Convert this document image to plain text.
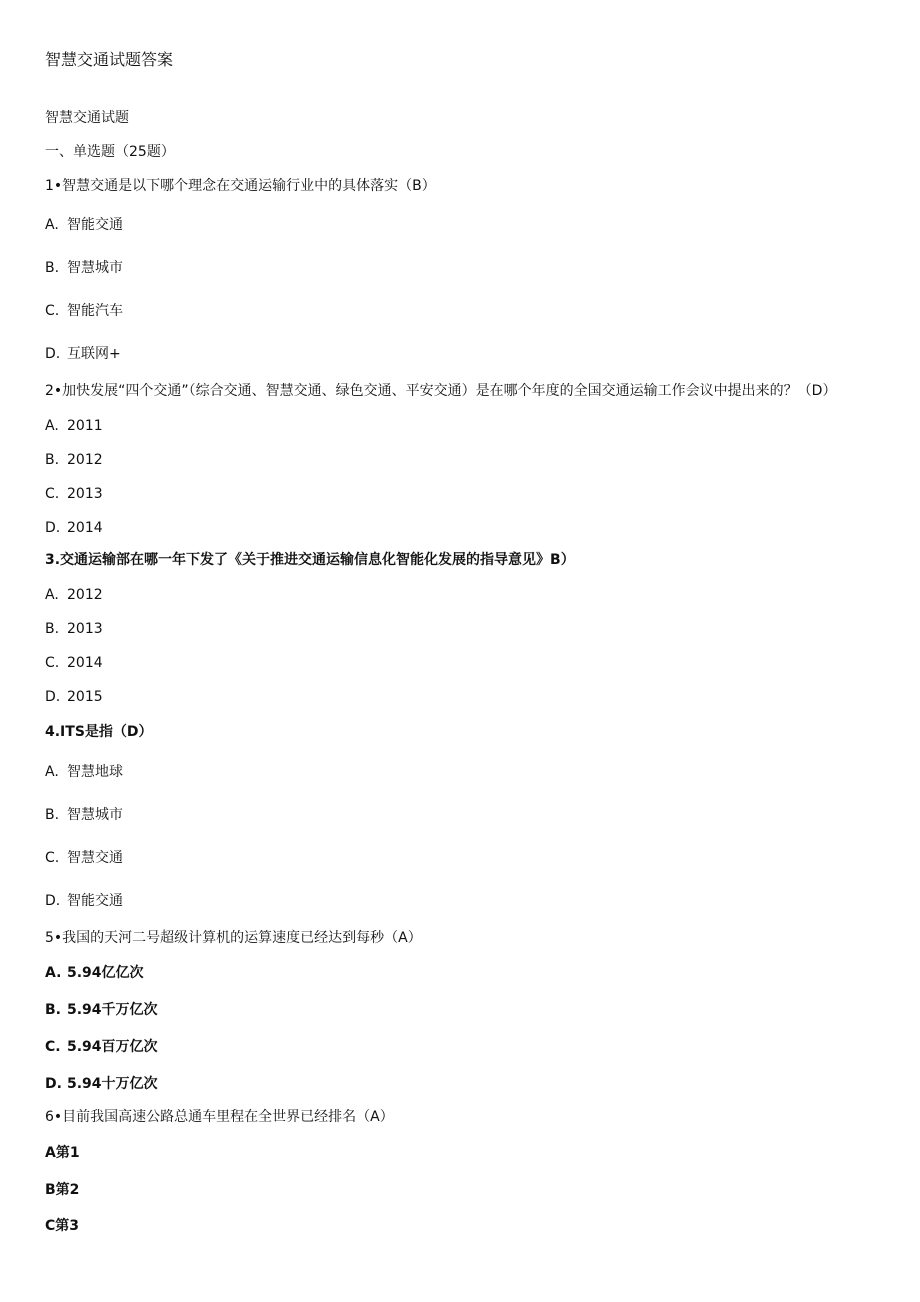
智慧交通试题答案
智慧交通试题
一、单选题（25题）
1•智慧交通是以下哪个理念在交通运输行业中的具体落实（B）
A. 智能交通
B. 智慧城市
C. 智能汽车
D. 互联网+
2•加快发展“四个交通”（综合交通、智慧交通、绿色交通、平安交通）是在哪个年度的全国交通运输工作会议中提出来的？（D）
A. 2011
B. 2012
C. 2013
D. 2014
3.交通运输部在哪一年下发了《关于推进交通运输信息化智能化发展的指导意见》B）
A. 2012
B. 2013
C. 2014
D. 2015
4.ITS是指（D）
A. 智慧地球
B. 智慧城市
C. 智慧交通
D. 智能交通
5•我国的天河二号超级计算机的运算速度已经达到每秒（A）
A. 5.94亿亿次
B. 5.94千万亿次
C. 5.94百万亿次
D. 5.94十万亿次
6•目前我国高速公路总通车里程在全世界已经排名（A）
A第1
B第2
C第3
